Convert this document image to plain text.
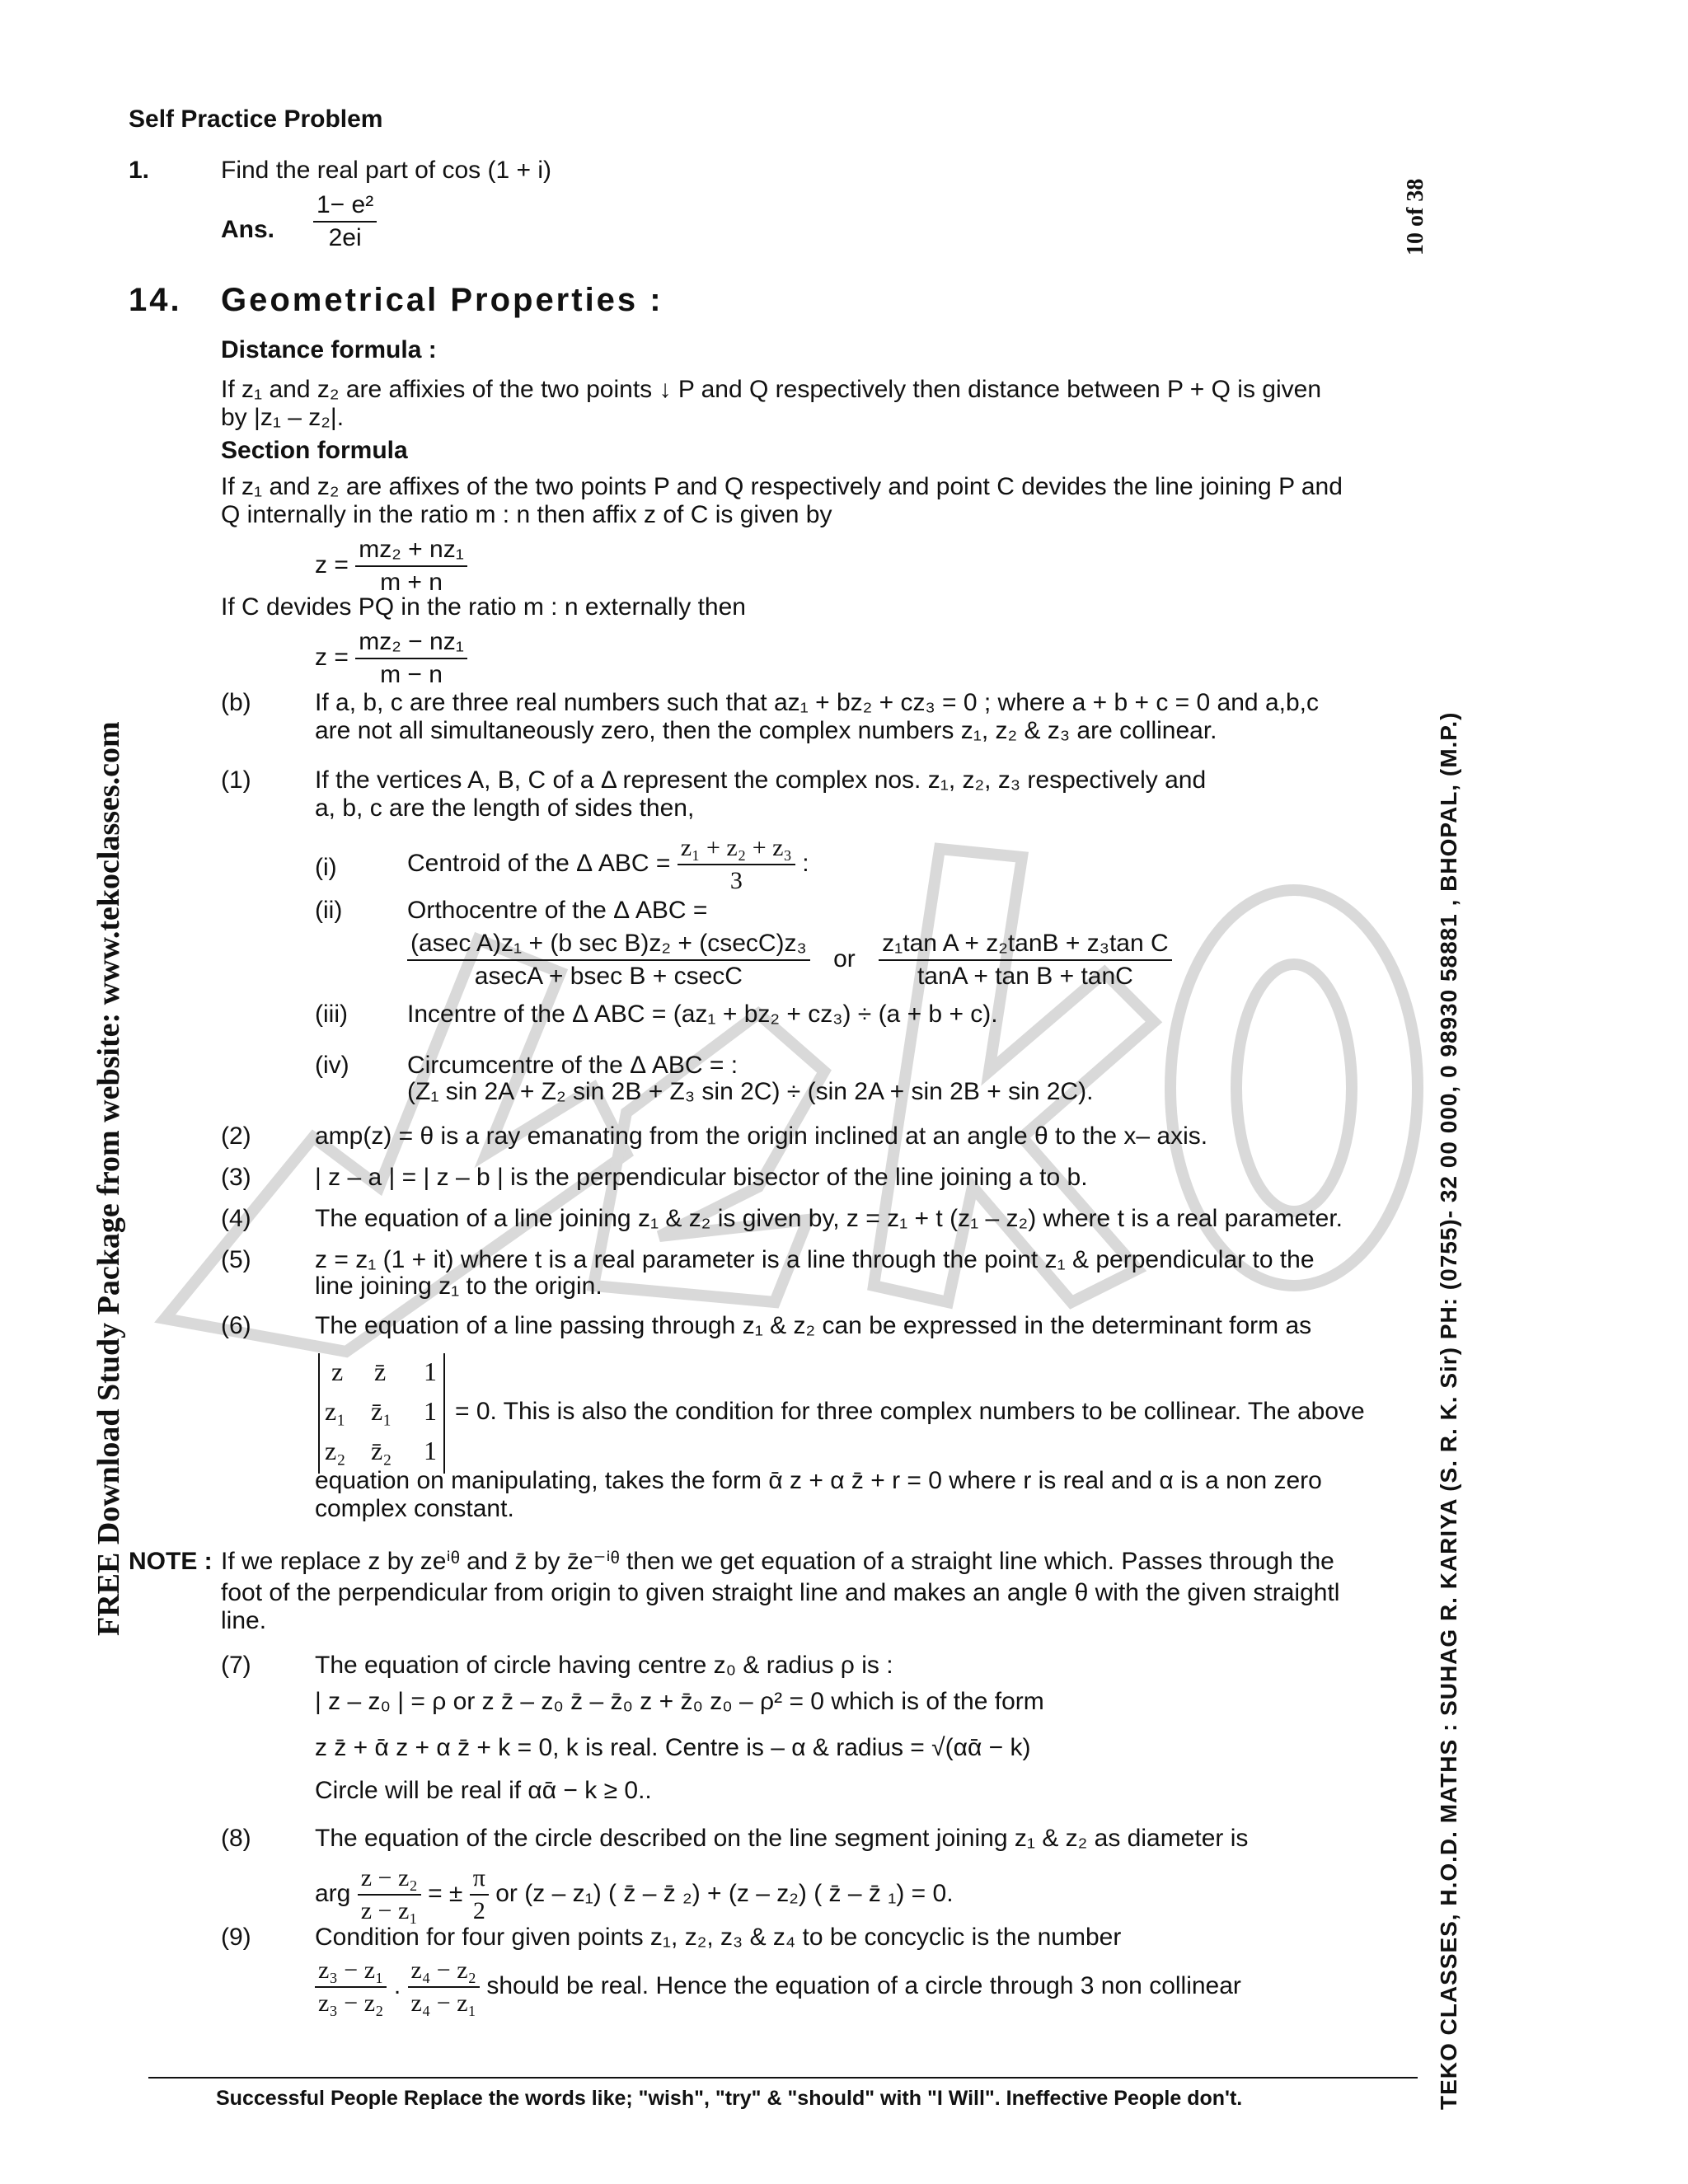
FREE Download Study Package from website: www.tekoclasses.com	TEKO CLASSES, H.O.D. MATHS : SUHAG R. KARIYA (S. R. K. Sir) PH: (0755)- 32 00 000, 0 98930 58881 , BHOPAL, (M.P.)
10 of 38
Self Practice Problem
1.	Find the real part of cos (1 + i)
Ans. $\frac{\text{1− e²}}{2ei}$
14. Geometrical Properties :
Distance formula :
If z₁ and z₂ are affixies of the two points ↓ P and Q respectively then distance between P + Q is given
by |z₁ – z₂|.
Section formula
If z₁ and z₂ are affixes of the two points P and Q respectively and point C devides the line joining P and
Q internally in the ratio m : n then affix z of C is given by
$z = \frac{\text{mz₂ + nz₁}}{m + n}$
If C devides PQ in the ratio m : n externally then
$z = \frac{\text{mz₂ − nz₁}}{m - n}$
(b)	If a, b, c are three real numbers such that az₁ + bz₂ + cz₃ = 0 ; where a + b + c = 0 and a,b,c
are not all simultaneously zero, then the complex numbers z₁, z₂ & z₃ are collinear.
(1)	If the vertices A, B, C of a Δ represent the complex nos. z₁, z₂, z₃ respectively and
a, b, c are the length of sides then,
(i)	Centroid of the Δ ABC = $\frac{\text{z₁ + z₂ + z₃}}{3}$ :
(ii)	Orthocentre of the Δ ABC =
$\frac{\text{(asec A)z₁ + (b sec B)z₂ + (csecC)z₃}}{\text{asecA + bsec B + csecC}}$ or $\frac{\text{z₁tan A + z₂tanB + z₃tan C}}{\text{tanA + tan B + tanC}}$
(iii) Incentre of the Δ ABC = (az₁ + bz₂ + cz₃) ÷ (a + b + c).
(iv) Circumcentre of the Δ ABC = :
(Z₁ sin 2A + Z₂ sin 2B + Z₃ sin 2C) ÷ (sin 2A + sin 2B + sin 2C).
(2)	amp(z) = θ is a ray emanating from the origin inclined at an angle θ to the x– axis.
(3)	| z – a | = | z – b | is the perpendicular bisector of the line joining a to b.
(4)	The equation of a line joining z₁ & z₂ is given by, z = z₁ + t (z₁ – z₂) where t is a real parameter.
(5)	z = z₁ (1 + it) where t is a real parameter is a line through the point z₁ & perpendicular to the
line joining z₁ to the origin.
(6)	The equation of a line passing through z₁ & z₂ can be expressed in the determinant form as
z z̄ 1
z₁ z̄₁ 1
z₂ z̄₂ 1
= 0. This is also the condition for three complex numbers to be collinear. The above
equation on manipulating, takes the form ᾱ z + α z̄ + r = 0 where r is real and α is a non zero
complex constant.
NOTE : If we replace z by zeⁱᶿ and z̄ by z̄e⁻ⁱᶿ then we get equation of a straight line which. Passes through the
foot of the perpendicular from origin to given straight line and makes an angle θ with the given straightl
line.
(7)	The equation of circle having centre z₀ & radius ρ is :
| z – z₀ | = ρ or z z̄ – z₀ z̄ – z̄₀ z + z̄₀ z₀ – ρ² = 0 which is of the form
z z̄ + ᾱ z + α z̄ + k = 0, k is real. Centre is – α & radius = √(αᾱ − k)
Circle will be real if αᾱ − k ≥ 0..
(8)	The equation of the circle described on the line segment joining z₁ & z₂ as diameter is
arg $\frac{\text{z − z₂}}{\text{z − z₁}}$ = ± $\frac{\pi}{2}$ or (z – z₁) ( z̄ – z̄ ₂) + (z – z₂) ( z̄ – z̄ ₁) = 0.
(9)	Condition for four given points z₁, z₂, z₃ & z₄ to be concyclic is the number
$\frac{\text{z₃ − z₁}}{\text{z₃ − z₂}}$ . $\frac{\text{z₄ − z₂}}{\text{z₄ − z₁}}$ should be real. Hence the equation of a circle through 3 non collinear
Successful People Replace the words like; "wish", "try" & "should" with "I Will". Ineffective People don't.
